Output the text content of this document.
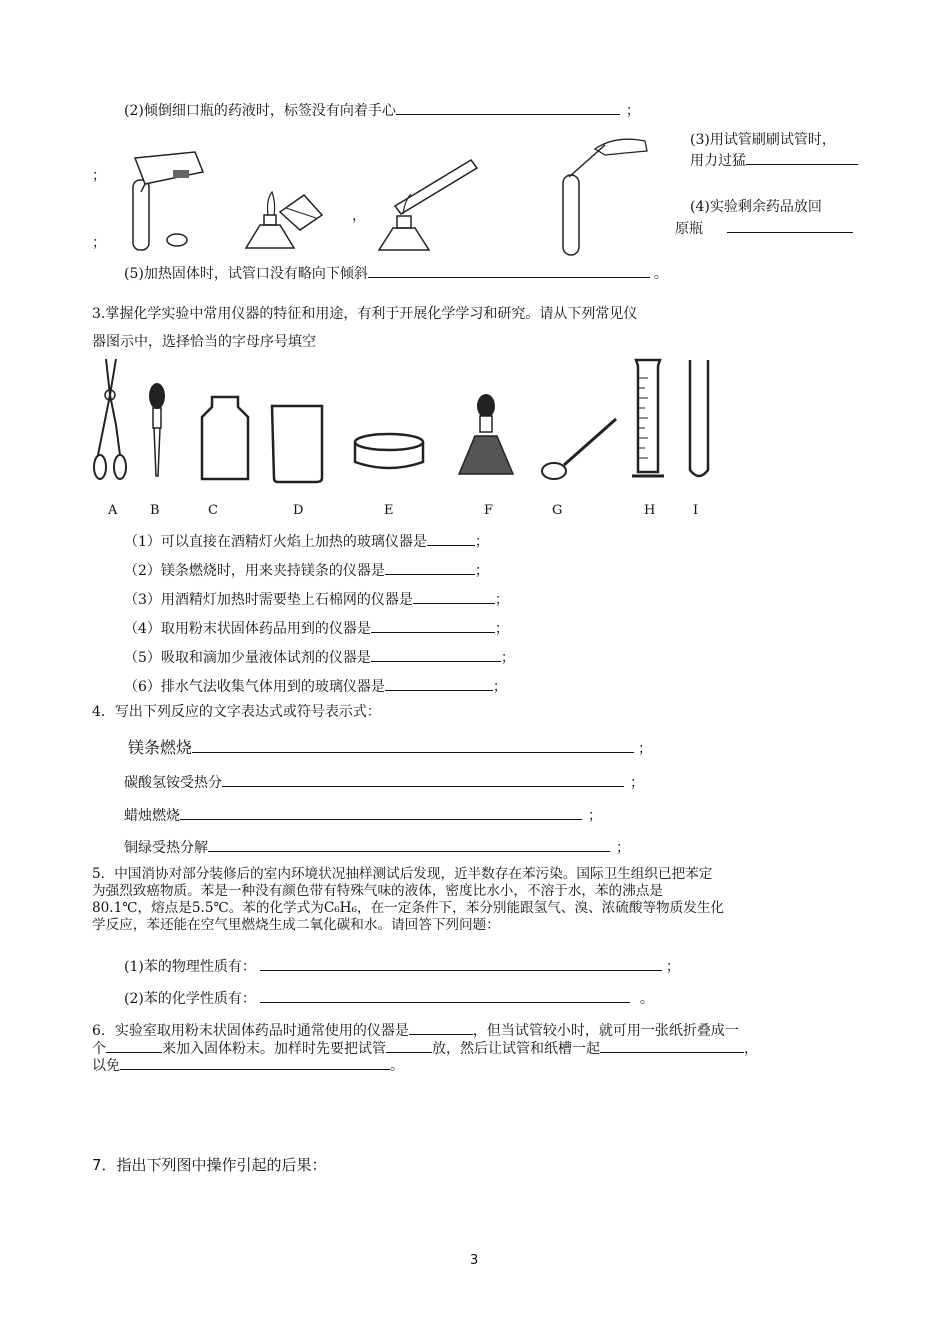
(2)倾倒细口瓶的药液时，标签没有向着手心	；
(3)用试管刷刷试管时，
用力过猛
；
；
，
(4)实验剩余药品放回
原瓶
(5)加热固体时，试管口没有略向下倾斜	。
3.掌握化学实验中常用仪器的特征和用途，有利于开展化学学习和研究。请从下列常见仪
器图示中，选择恰当的字母序号填空
A	B	C	D	E	F	G	H	I
（1）可以直接在酒精灯火焰上加热的玻璃仪器是	；
（2）镁条燃烧时，用来夹持镁条的仪器是	；
（3）用酒精灯加热时需要垫上石棉网的仪器是	；
（4）取用粉末状固体药品用到的仪器是	；
（5）吸取和滴加少量液体试剂的仪器是	；
（6）排水气法收集气体用到的玻璃仪器是	；
4．写出下列反应的文字表达式或符号表示式：
镁条燃烧	；
碳酸氢铵受热分	；
蜡烛燃烧	；
铜绿受热分解	；
5．中国消协对部分装修后的室内环境状况抽样测试后发现，近半数存在苯污染。国际卫生组织已把苯定
为强烈致癌物质。苯是一种没有颜色带有特殊气味的液体，密度比水小，不溶于水，苯的沸点是
80.1℃，熔点是5.5℃。苯的化学式为C₆H₆，在一定条件下，苯分别能跟氢气、溴、浓硫酸等物质发生化
学反应，苯还能在空气里燃烧生成二氧化碳和水。请回答下列问题：
(1)苯的物理性质有：	；
(2)苯的化学性质有：	。
6．实验室取用粉末状固体药品时通常使用的仪器是	，但当试管较小时，就可用一张纸折叠成一
个	来加入固体粉末。加样时先要把试管	放，然后让试管和纸槽一起	，
以免	。
7．指出下列图中操作引起的后果：
3
